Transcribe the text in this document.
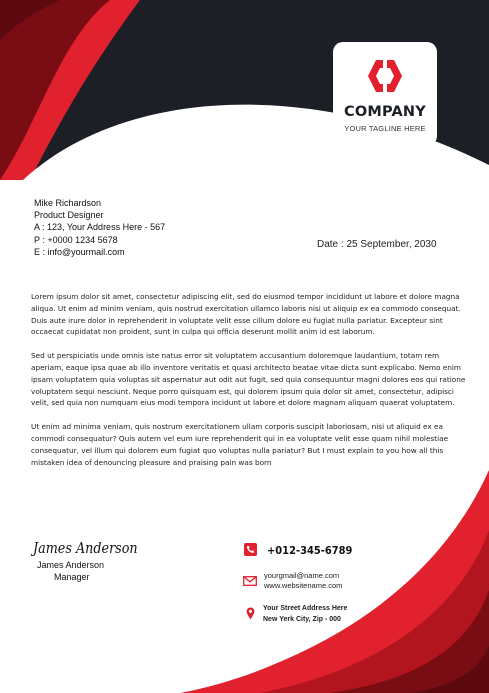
COMPANY
YOUR TAGLINE HERE
Mike Richardson
Product Designer
A : 123, Your Address Here - 567
P : +0000 1234 5678
E : info@yourmail.com
Date : 25 September, 2030

Lorem ipsum dolor sit amet, consectetur adipiscing elit, sed do eiusmod tempor incididunt ut labore et dolore magna aliqua. Ut enim ad minim veniam, quis nostrud exercitation ullamco laboris nisi ut aliquip ex ea commodo consequat. Duis aute irure dolor in reprehenderit in voluptate velit esse cillum dolore eu fugiat nulla pariatur. Excepteur sint occaecat cupidatat non proident, sunt in culpa qui officia deserunt mollit anim id est laborum.

Sed ut perspiciatis unde omnis iste natus error sit voluptatem accusantium doloremque laudantium, totam rem aperiam, eaque ipsa quae ab illo inventore veritatis et quasi architecto beatae vitae dicta sunt explicabo. Nemo enim ipsam voluptatem quia voluptas sit aspernatur aut odit aut fugit, sed quia consequuntur magni dolores eos qui ratione voluptatem sequi nesciunt. Neque porro quisquam est, qui dolorem ipsum quia dolor sit amet, consectetur, adipisci velit, sed quia non numquam eius modi tempora incidunt ut labore et dolore magnam aliquam quaerat voluptatem.

Ut enim ad minima veniam, quis nostrum exercitationem ullam corporis suscipit laboriosam, nisi ut aliquid ex ea commodi consequatur? Quis autem vel eum iure reprehenderit qui in ea voluptate velit esse quam nihil molestiae consequatur, vel illum qui dolorem eum fugiat quo voluptas nulla pariatur? But I must explain to you how all this mistaken idea of denouncing pleasure and praising pain was born

James Anderson
James Anderson
Manager
+012-345-6789
yourgmail@name.com
www.websitename.com
Your Street Address Here
New Yerk City, Zip - 000
